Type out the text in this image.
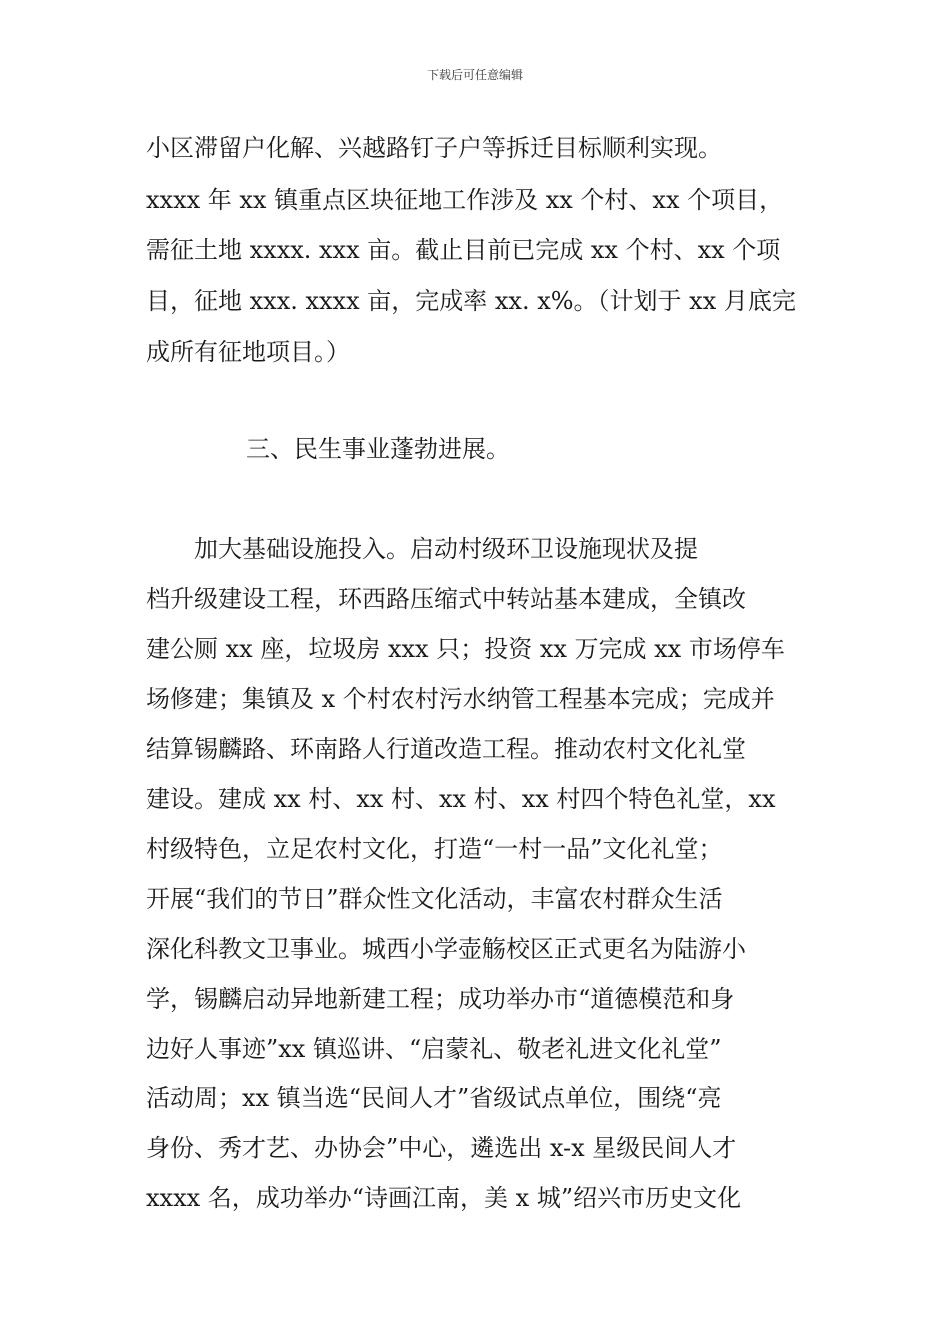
下载后可任意编辑
小区滞留户化解、兴越路钉子户等拆迁目标顺利实现。
xxxx 年 xx 镇重点区块征地工作涉及 xx 个村、xx 个项目，
需征土地 xxxx. xxx 亩。截止目前已完成 xx 个村、xx 个项
目，征地 xxx. xxxx 亩，完成率 xx. x%。（计划于 xx 月底完
成所有征地项目。）
三、民生事业蓬勃进展。
　　加大基础设施投入。启动村级环卫设施现状及提
档升级建设工程，环西路压缩式中转站基本建成，全镇改
建公厕 xx 座，垃圾房 xxx 只；投资 xx 万完成 xx 市场停车
场修建；集镇及 x 个村农村污水纳管工程基本完成；完成并
结算锡麟路、环南路人行道改造工程。推动农村文化礼堂
建设。建成 xx 村、xx 村、xx 村、xx 村四个特色礼堂，xx
村级特色，立足农村文化，打造“一村一品”文化礼堂；
开展“我们的节日”群众性文化活动，丰富农村群众生活
深化科教文卫事业。城西小学壶觞校区正式更名为陆游小
学，锡麟启动异地新建工程；成功举办市“道德模范和身
边好人事迹”xx 镇巡讲、“启蒙礼、敬老礼进文化礼堂”
活动周；xx 镇当选“民间人才”省级试点单位，围绕“亮
身份、秀才艺、办协会”中心，遴选出 x-x 星级民间人才
xxxx 名，成功举办“诗画江南，美 x 城”绍兴市历史文化
